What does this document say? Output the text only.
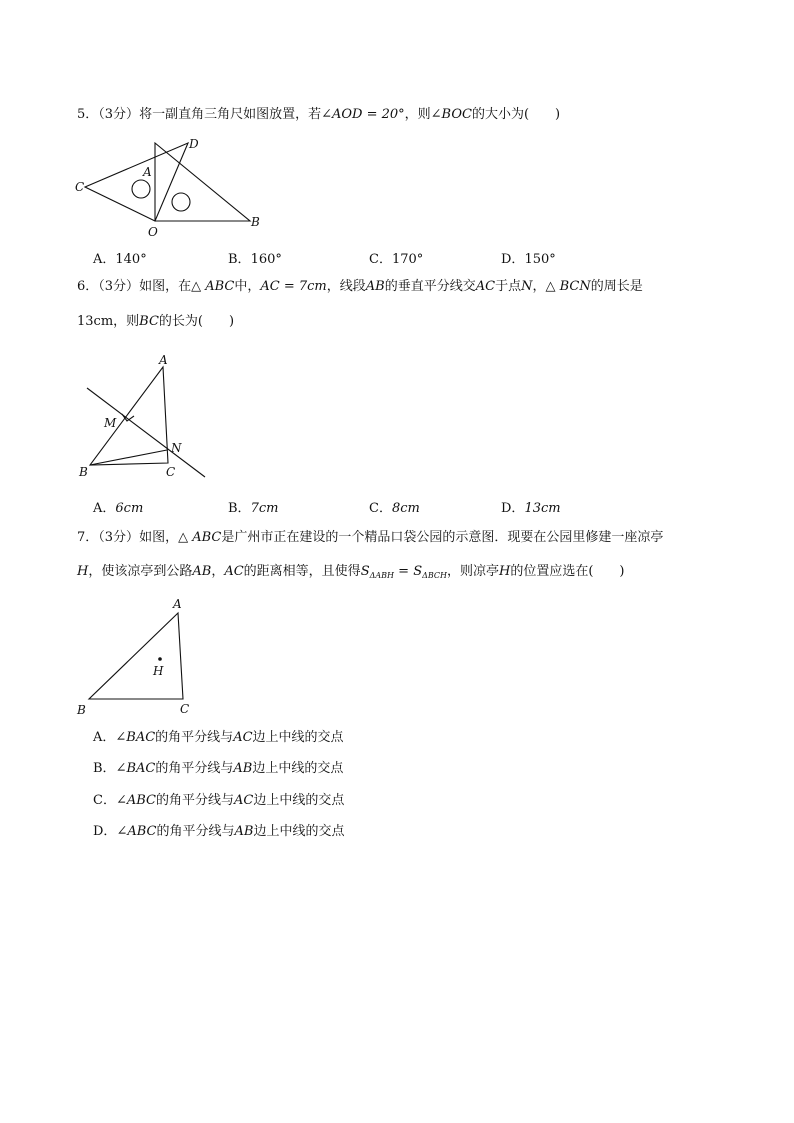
5．（3分）将一副直角三角尺如图放置，若∠AOD = 20°，则∠BOC的大小为(　　)
C
A
D
O
B
A．140°	B．160°	C．170°	D．150°
6．（3分）如图，在△ ABC中，AC = 7cm，线段AB的垂直平分线交AC于点N，△ BCN的周长是
13cm，则BC的长为(　　)
A
M
N
B	C
A．6cm	B．7cm	C．8cm	D．13cm
7．（3分）如图，△ ABC是广州市正在建设的一个精品口袋公园的示意图．现要在公园里修建一座凉亭
H，使该凉亭到公路AB，AC的距离相等，且使得$S_{\Delta ABH} = S_{\Delta BCH}$，则凉亭H的位置应选在(　　)
A
H
B	C
A．∠BAC的角平分线与AC边上中线的交点
B．∠BAC的角平分线与AB边上中线的交点
C．∠ABC的角平分线与AC边上中线的交点
D．∠ABC的角平分线与AB边上中线的交点
